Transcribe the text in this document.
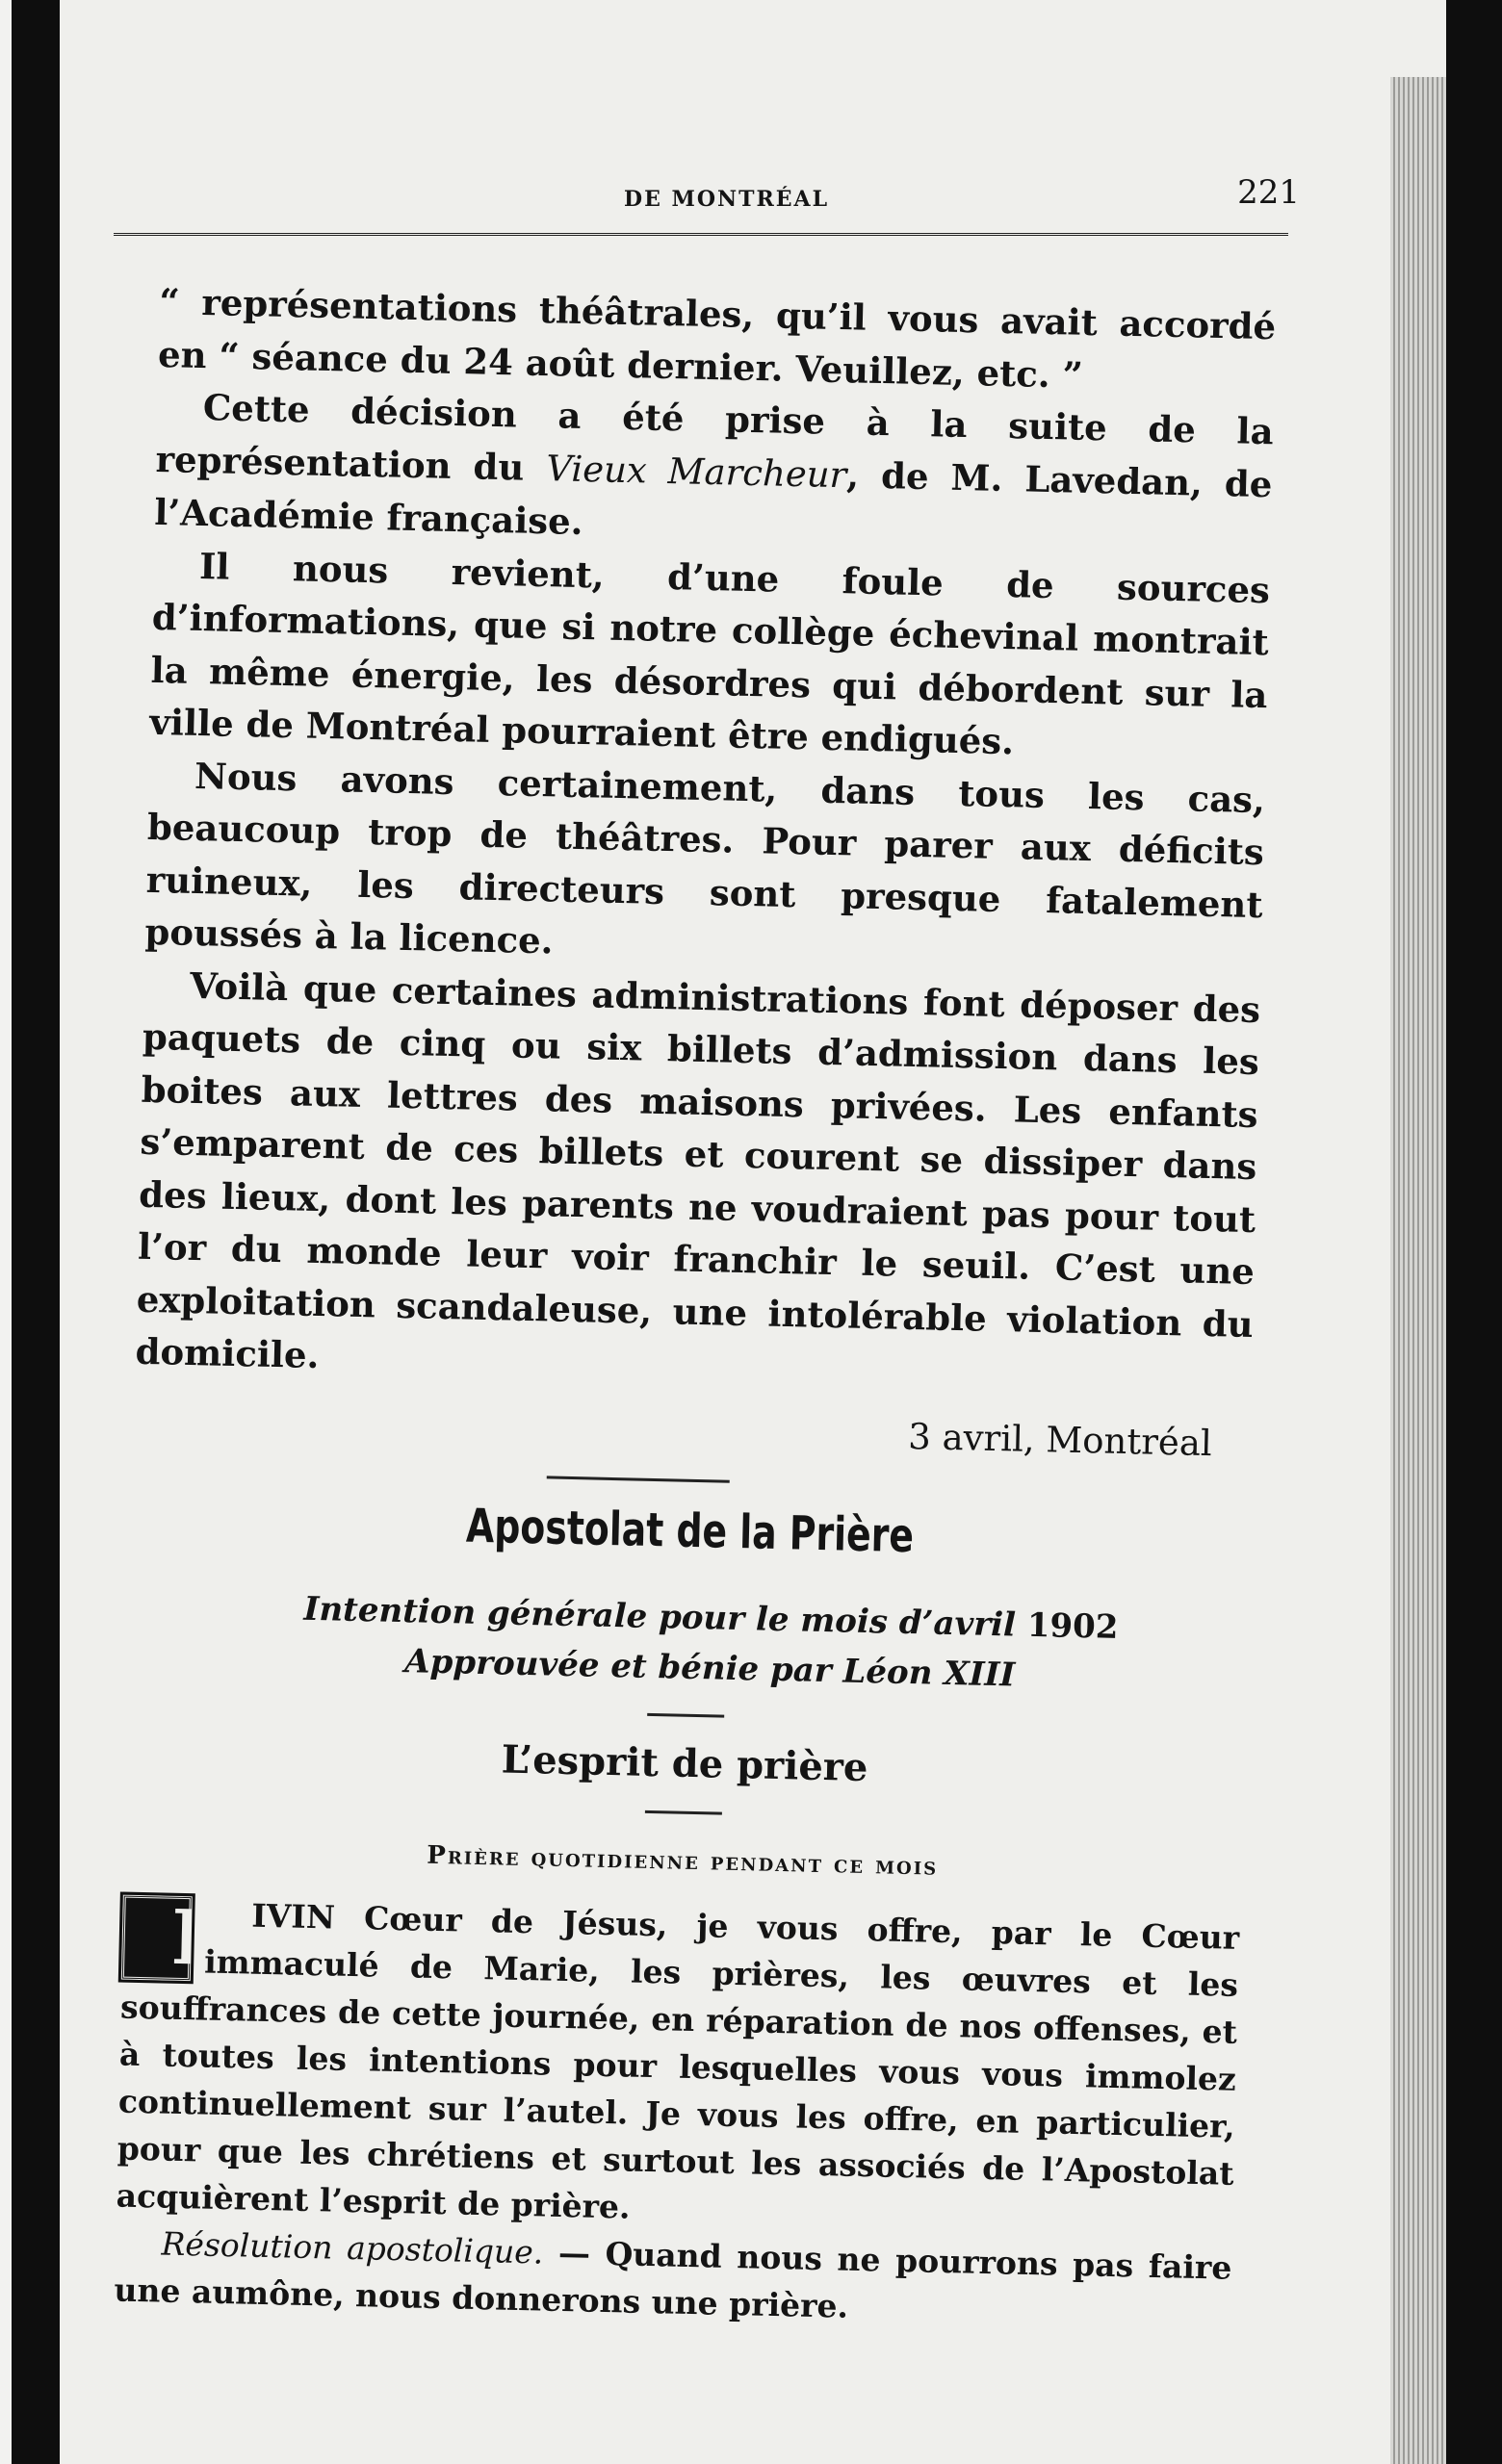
DE MONTRÉAL	221

“ représentations théâtrales, qu’il vous avait accordé en “ séance du 24 août dernier. Veuillez, etc. ”

Cette décision a été prise à la suite de la représentation du Vieux Marcheur, de M. Lavedan, de l’Académie française.

Il nous revient, d’une foule de sources d’informations, que si notre collège échevinal montrait la même énergie, les désordres qui débordent sur la ville de Montréal pourraient être endigués.

Nous avons certainement, dans tous les cas, beaucoup trop de théâtres. Pour parer aux déficits ruineux, les directeurs sont presque fatalement poussés à la licence.

Voilà que certaines administrations font déposer des paquets de cinq ou six billets d’admission dans les boites aux lettres des maisons privées. Les enfants s’emparent de ces billets et courent se dissiper dans des lieux, dont les parents ne voudraient pas pour tout l’or du monde leur voir franchir le seuil. C’est une exploitation scandaleuse, une intolérable violation du domicile.

3 avril, Montréal

Apostolat de la Prière

Intention générale pour le mois d’avril 1902

Approuvée et bénie par Léon XIII

L’esprit de prière
Prière quotidienne pendant ce mois

D IVIN Cœur de Jésus, je vous offre, par le Cœur immaculé de Marie, les prières, les œuvres et les souffrances de cette journée, en réparation de nos offenses, et à toutes les intentions pour lesquelles vous vous immolez continuellement sur l’autel. Je vous les offre, en particulier, pour que les chrétiens et surtout les associés de l’Apostolat acquièrent l’esprit de prière.

Résolution apostolique. — Quand nous ne pourrons pas faire une aumône, nous donnerons une prière.
